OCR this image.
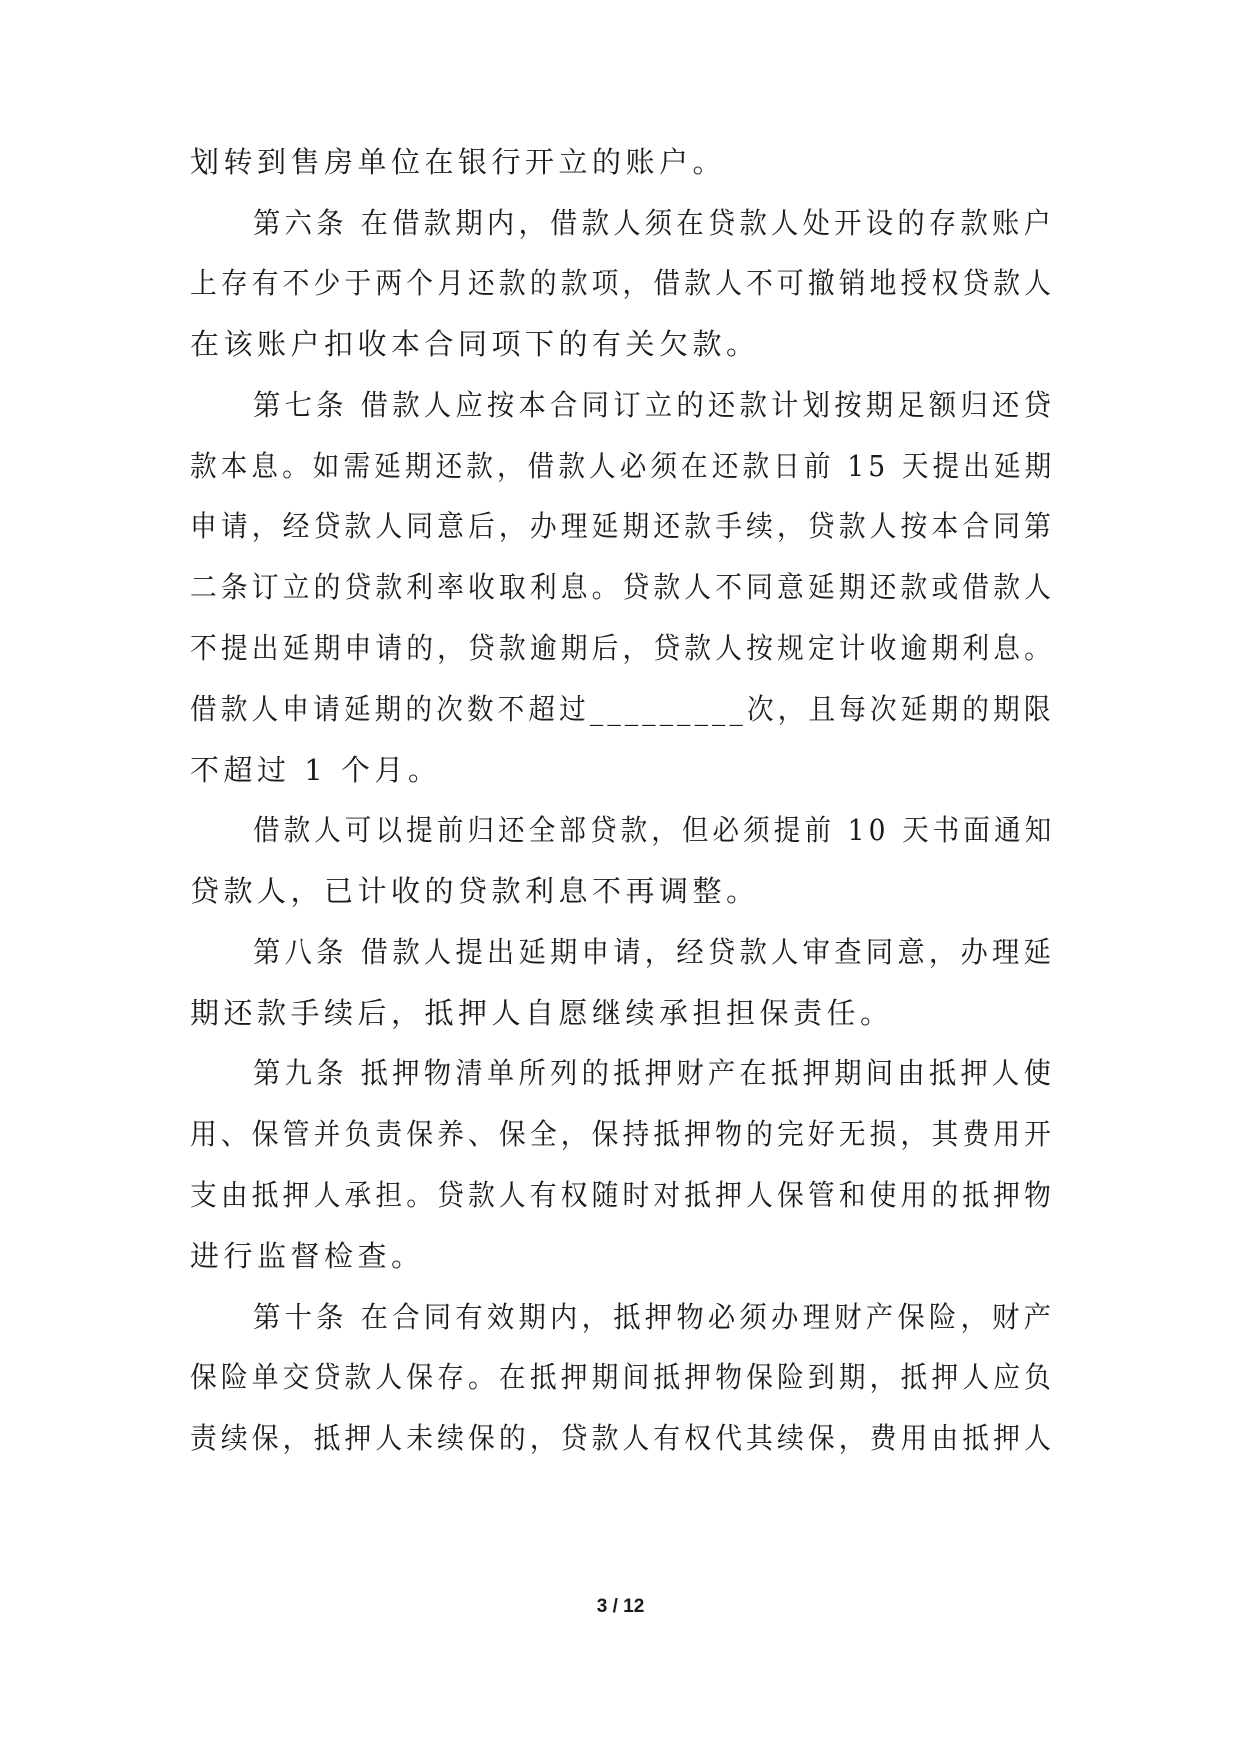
划转到售房单位在银行开立的账户。
第六条 在借款期内，借款人须在贷款人处开设的存款账户
上存有不少于两个月还款的款项，借款人不可撤销地授权贷款人
在该账户扣收本合同项下的有关欠款。
第七条 借款人应按本合同订立的还款计划按期足额归还贷
款本息。如需延期还款，借款人必须在还款日前 15 天提出延期
申请，经贷款人同意后，办理延期还款手续，贷款人按本合同第
二条订立的贷款利率收取利息。贷款人不同意延期还款或借款人
不提出延期申请的，贷款逾期后，贷款人按规定计收逾期利息。
借款人申请延期的次数不超过_________次，且每次延期的期限
不超过 1 个月。
借款人可以提前归还全部贷款，但必须提前 10 天书面通知
贷款人，已计收的贷款利息不再调整。
第八条 借款人提出延期申请，经贷款人审查同意，办理延
期还款手续后，抵押人自愿继续承担担保责任。
第九条 抵押物清单所列的抵押财产在抵押期间由抵押人使
用、保管并负责保养、保全，保持抵押物的完好无损，其费用开
支由抵押人承担。贷款人有权随时对抵押人保管和使用的抵押物
进行监督检查。
第十条 在合同有效期内，抵押物必须办理财产保险，财产
保险单交贷款人保存。在抵押期间抵押物保险到期，抵押人应负
责续保，抵押人未续保的，贷款人有权代其续保，费用由抵押人
3 / 12
